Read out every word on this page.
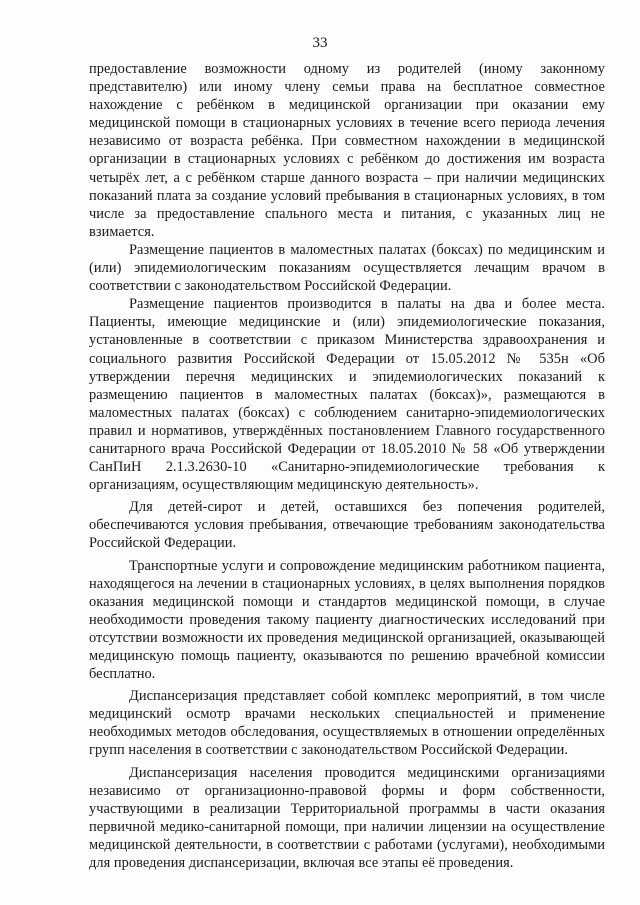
33

предоставление возможности одному из родителей (иному законному представителю) или иному члену семьи права на бесплатное совместное нахождение с ребёнком в медицинской организации при оказании ему медицинской помощи в стационарных условиях в течение всего периода лечения независимо от возраста ребёнка. При совместном нахождении в медицинской организации в стационарных условиях с ребёнком до достижения им возраста четырёх лет, а с ребёнком старше данного возраста – при наличии медицинских показаний плата за создание условий пребывания в стационарных условиях, в том числе за предоставление спального места и питания, с указанных лиц не взимается.

Размещение пациентов в маломестных палатах (боксах) по медицинским и (или) эпидемиологическим показаниям осуществляется лечащим врачом в соответствии с законодательством Российской Федерации.

Размещение пациентов производится в палаты на два и более места. Пациенты, имеющие медицинские и (или) эпидемиологические показания, установленные в соответствии с приказом Министерства здравоохранения и социального развития Российской Федерации от 15.05.2012 № 535н «Об утверждении перечня медицинских и эпидемиологических показаний к размещению пациентов в маломестных палатах (боксах)», размещаются в маломестных палатах (боксах) с соблюдением санитарно-эпидемиологических правил и нормативов, утверждённых постановлением Главного государственного санитарного врача Российской Федерации от 18.05.2010 № 58 «Об утверждении СанПиН 2.1.3.2630-10 «Санитарно-эпидемиологические требования к организациям, осуществляющим медицинскую деятельность».

Для детей-сирот и детей, оставшихся без попечения родителей, обеспечиваются условия пребывания, отвечающие требованиям законодательства Российской Федерации.

Транспортные услуги и сопровождение медицинским работником пациента, находящегося на лечении в стационарных условиях, в целях выполнения порядков оказания медицинской помощи и стандартов медицинской помощи, в случае необходимости проведения такому пациенту диагностических исследований при отсутствии возможности их проведения медицинской организацией, оказывающей медицинскую помощь пациенту, оказываются по решению врачебной комиссии бесплатно.

Диспансеризация представляет собой комплекс мероприятий, в том числе медицинский осмотр врачами нескольких специальностей и применение необходимых методов обследования, осуществляемых в отношении определённых групп населения в соответствии с законодательством Российской Федерации.

Диспансеризация населения проводится медицинскими организациями независимо от организационно-правовой формы и форм собственности, участвующими в реализации Территориальной программы в части оказания первичной медико-санитарной помощи, при наличии лицензии на осуществление медицинской деятельности, в соответствии с работами (услугами), необходимыми для проведения диспансеризации, включая все этапы её проведения.
